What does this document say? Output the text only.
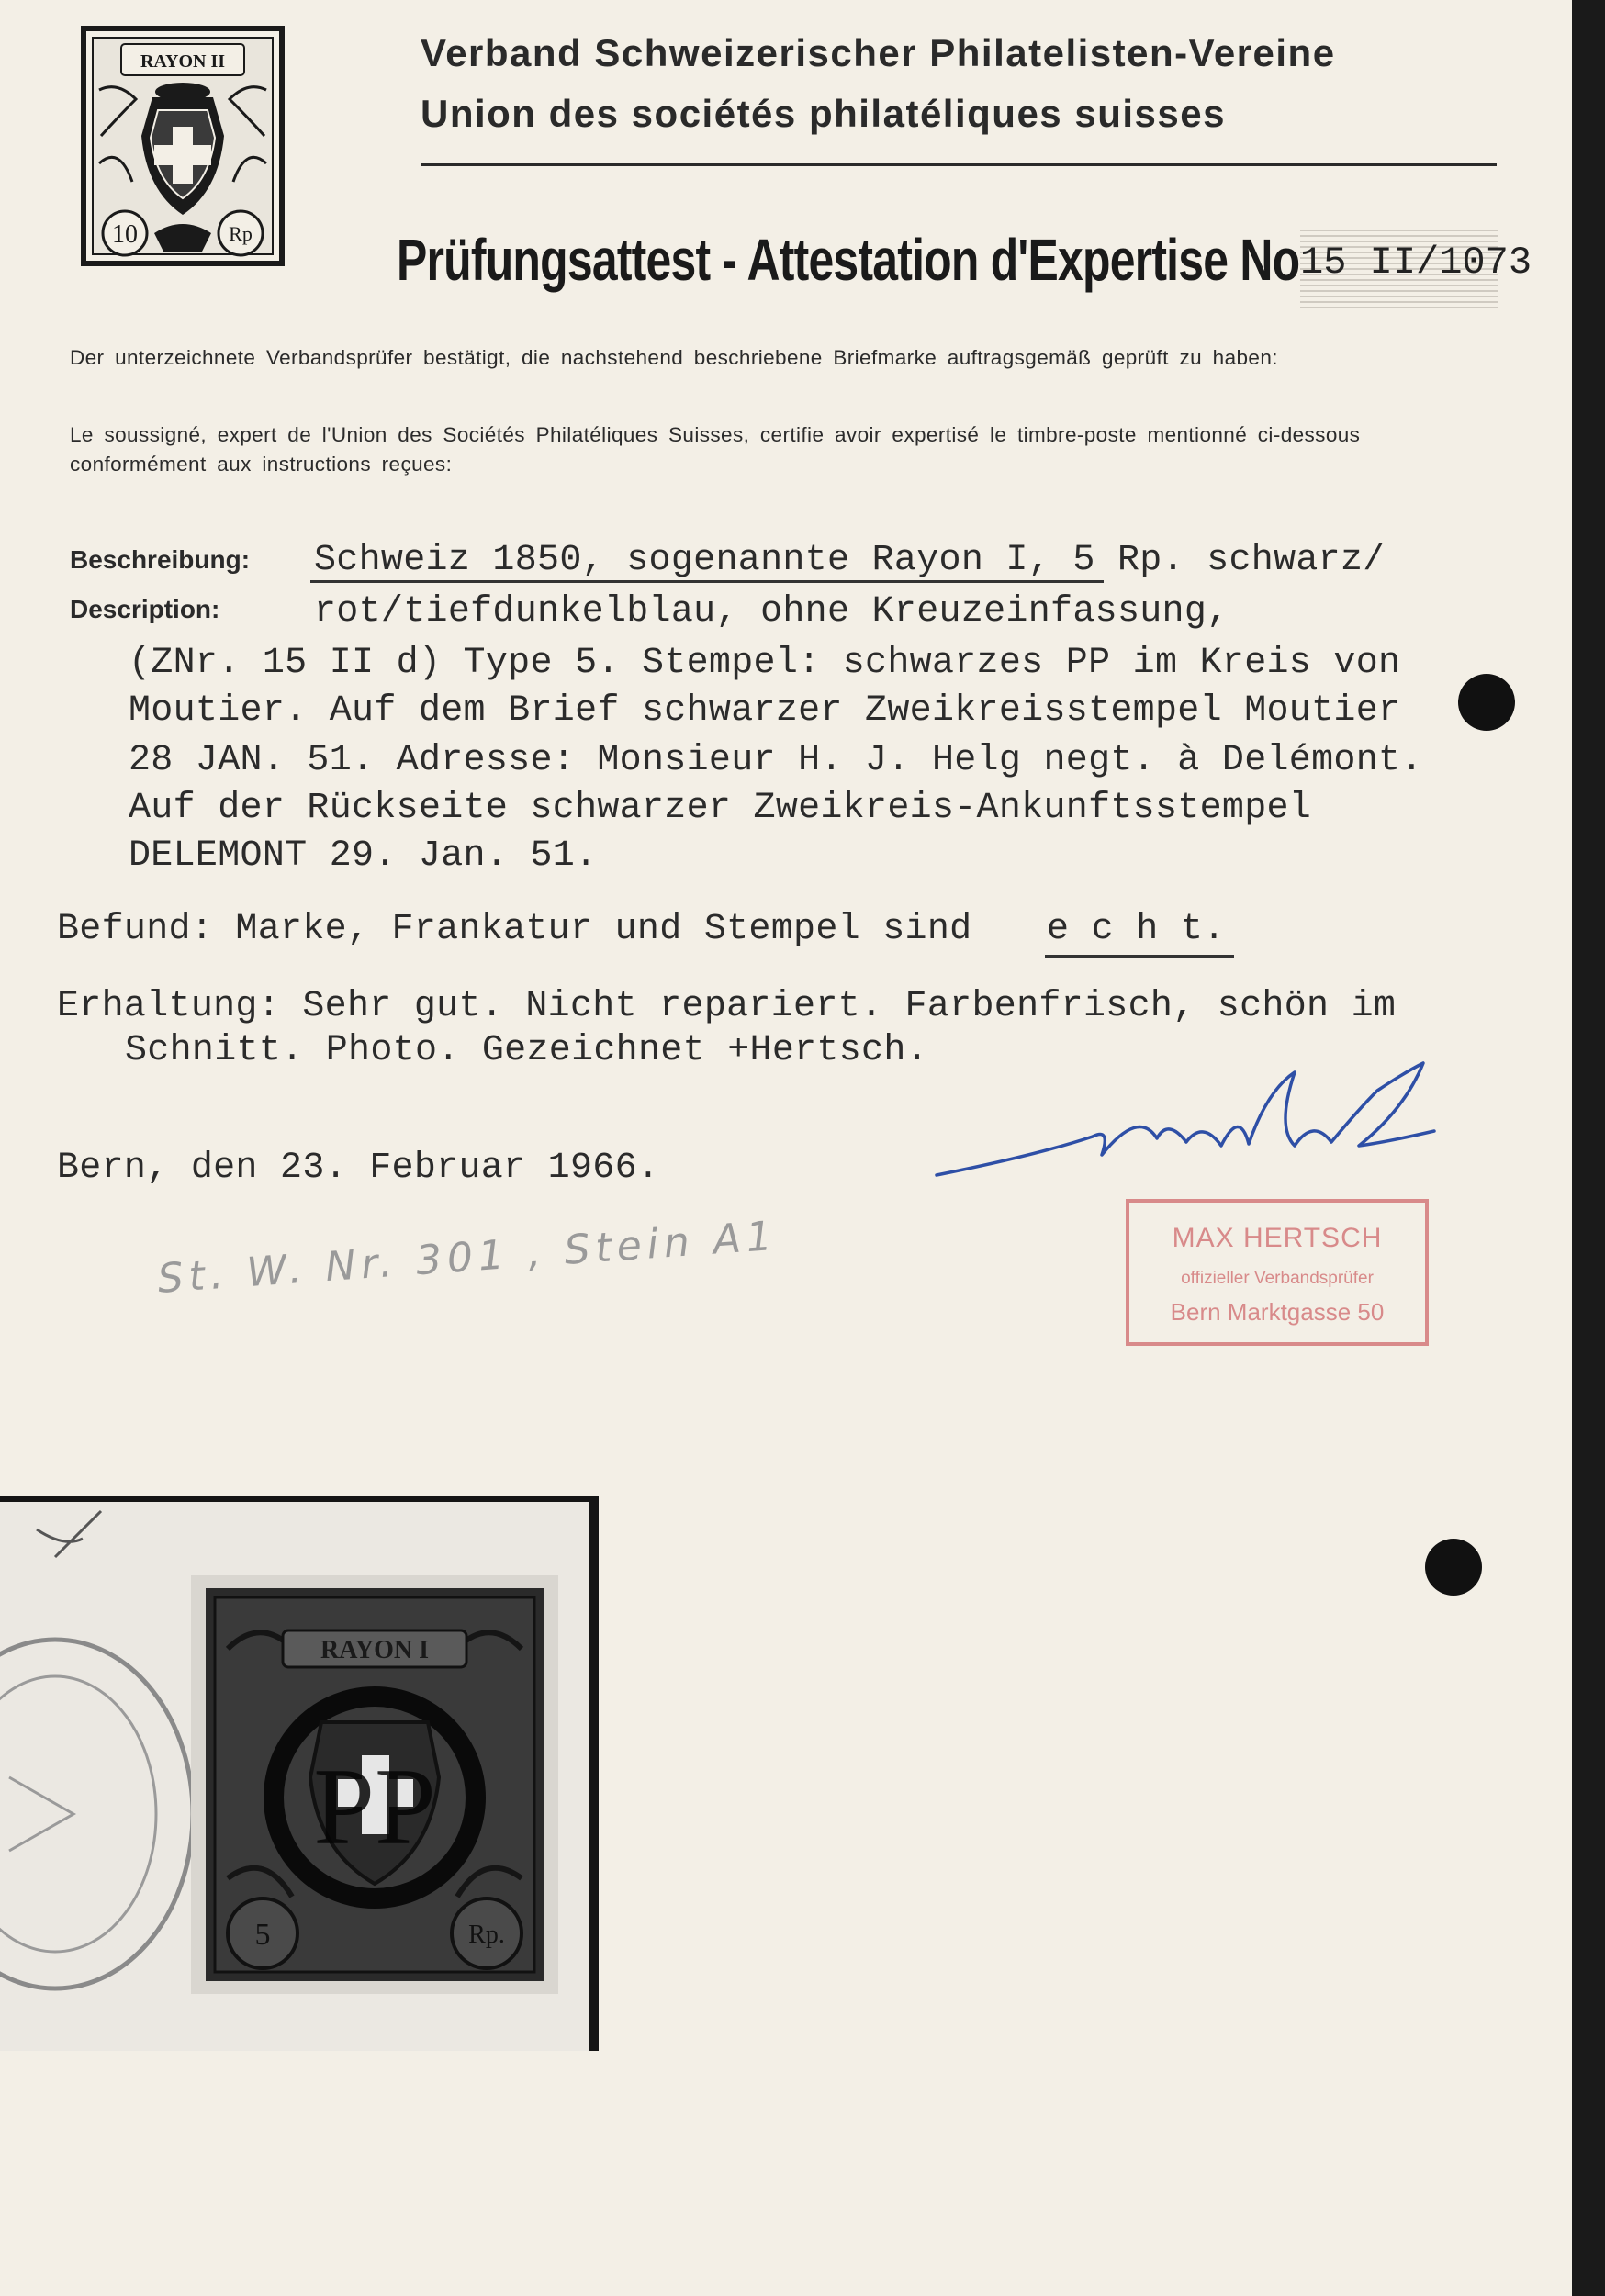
RAYON II
10	Rp
Verband Schweizerischer Philatelisten-Vereine
Union des sociétés philatéliques suisses
Prüfungsattest - Attestation d'Expertise No 15 II/1073
Der unterzeichnete Verbandsprüfer bestätigt, die nachstehend beschriebene Briefmarke auftragsgemäß geprüft zu haben:
Le soussigné, expert de l'Union des Sociétés Philatéliques Suisses, certifie avoir expertisé le timbre-poste mentionné ci-dessous conformément aux instructions reçues:
Beschreibung:
Description:
Schweiz 1850, sogenannte Rayon I, 5 Rp. schwarz/
rot/tiefdunkelblau, ohne Kreuzeinfassung,
(ZNr. 15 II d) Type 5. Stempel: schwarzes PP im Kreis von
Moutier. Auf dem Brief schwarzer Zweikreisstempel Moutier
28 JAN. 51. Adresse: Monsieur H. J. Helg negt. à Delémont.
Auf der Rückseite schwarzer Zweikreis-Ankunftsstempel
DELEMONT 29. Jan. 51.
Befund: Marke, Frankatur und Stempel sind e c h t.
Erhaltung: Sehr gut. Nicht repariert. Farbenfrisch, schön im
Schnitt. Photo. Gezeichnet +Hertsch.
Bern, den 23. Februar 1966.
MAX HERTSCH
offizieller Verbandsprüfer
Bern Marktgasse 50
St. W. Nr. 301 , Stein A1
RAYON I
PP
5	Rp.
